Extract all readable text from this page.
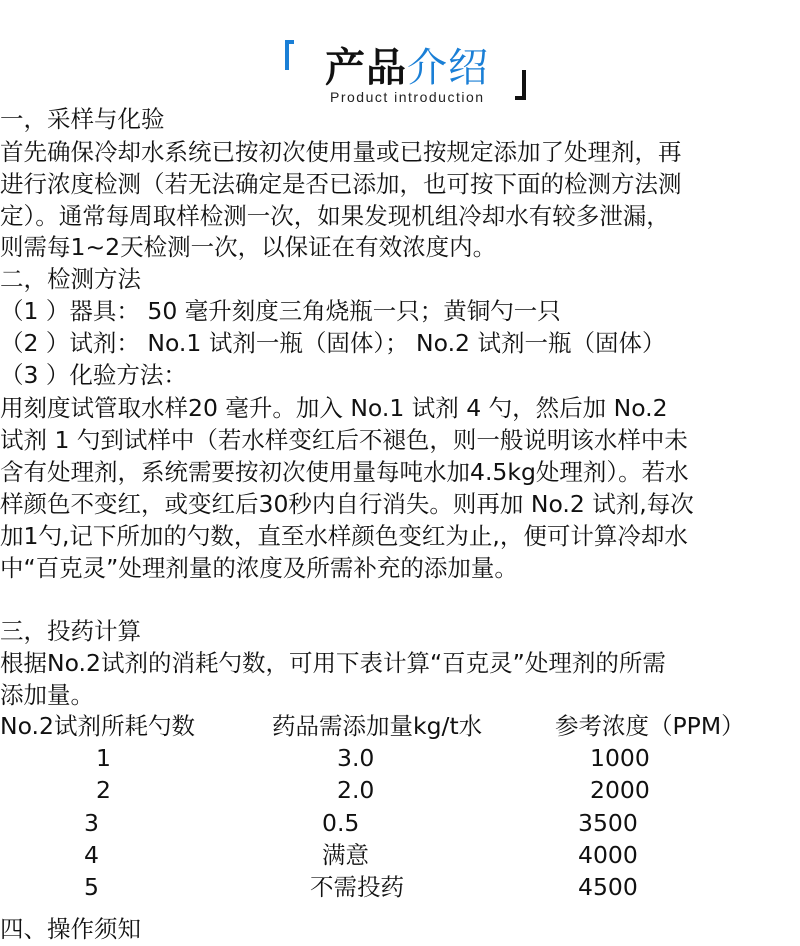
产品介绍
Product introduction
一，采样与化验
首先确保冷却水系统已按初次使用量或已按规定添加了处理剂，再
进行浓度检测（若无法确定是否已添加，也可按下面的检测方法测
定）。通常每周取样检测一次，如果发现机组冷却水有较多泄漏，
则需每1~2天检测一次，以保证在有效浓度内。
二，检测方法
（1 ）器具： 50 毫升刻度三角烧瓶一只；黄铜勺一只
（2 ）试剂： No.1 试剂一瓶（固体）； No.2 试剂一瓶（固体）
（3 ）化验方法：
用刻度试管取水样20 毫升。加入 No.1 试剂 4 勺，然后加 No.2
试剂 1 勺到试样中（若水样变红后不褪色，则一般说明该水样中未
含有处理剂，系统需要按初次使用量每吨水加4.5kg处理剂）。若水
样颜色不变红，或变红后30秒内自行消失。则再加 No.2 试剂,每次
加1勺,记下所加的勺数，直至水样颜色变红为止,，便可计算冷却水
中“百克灵”处理剂量的浓度及所需补充的添加量。
三，投药计算
根据No.2试剂的消耗勺数，可用下表计算“百克灵”处理剂的所需
添加量。
No.2试剂所耗勺数	药品需添加量kg/t水	参考浓度（PPM）
1	3.0	1000
2	2.0	2000
3	0.5	3500
4	满意	4000
5	不需投药	4500
四、操作须知
